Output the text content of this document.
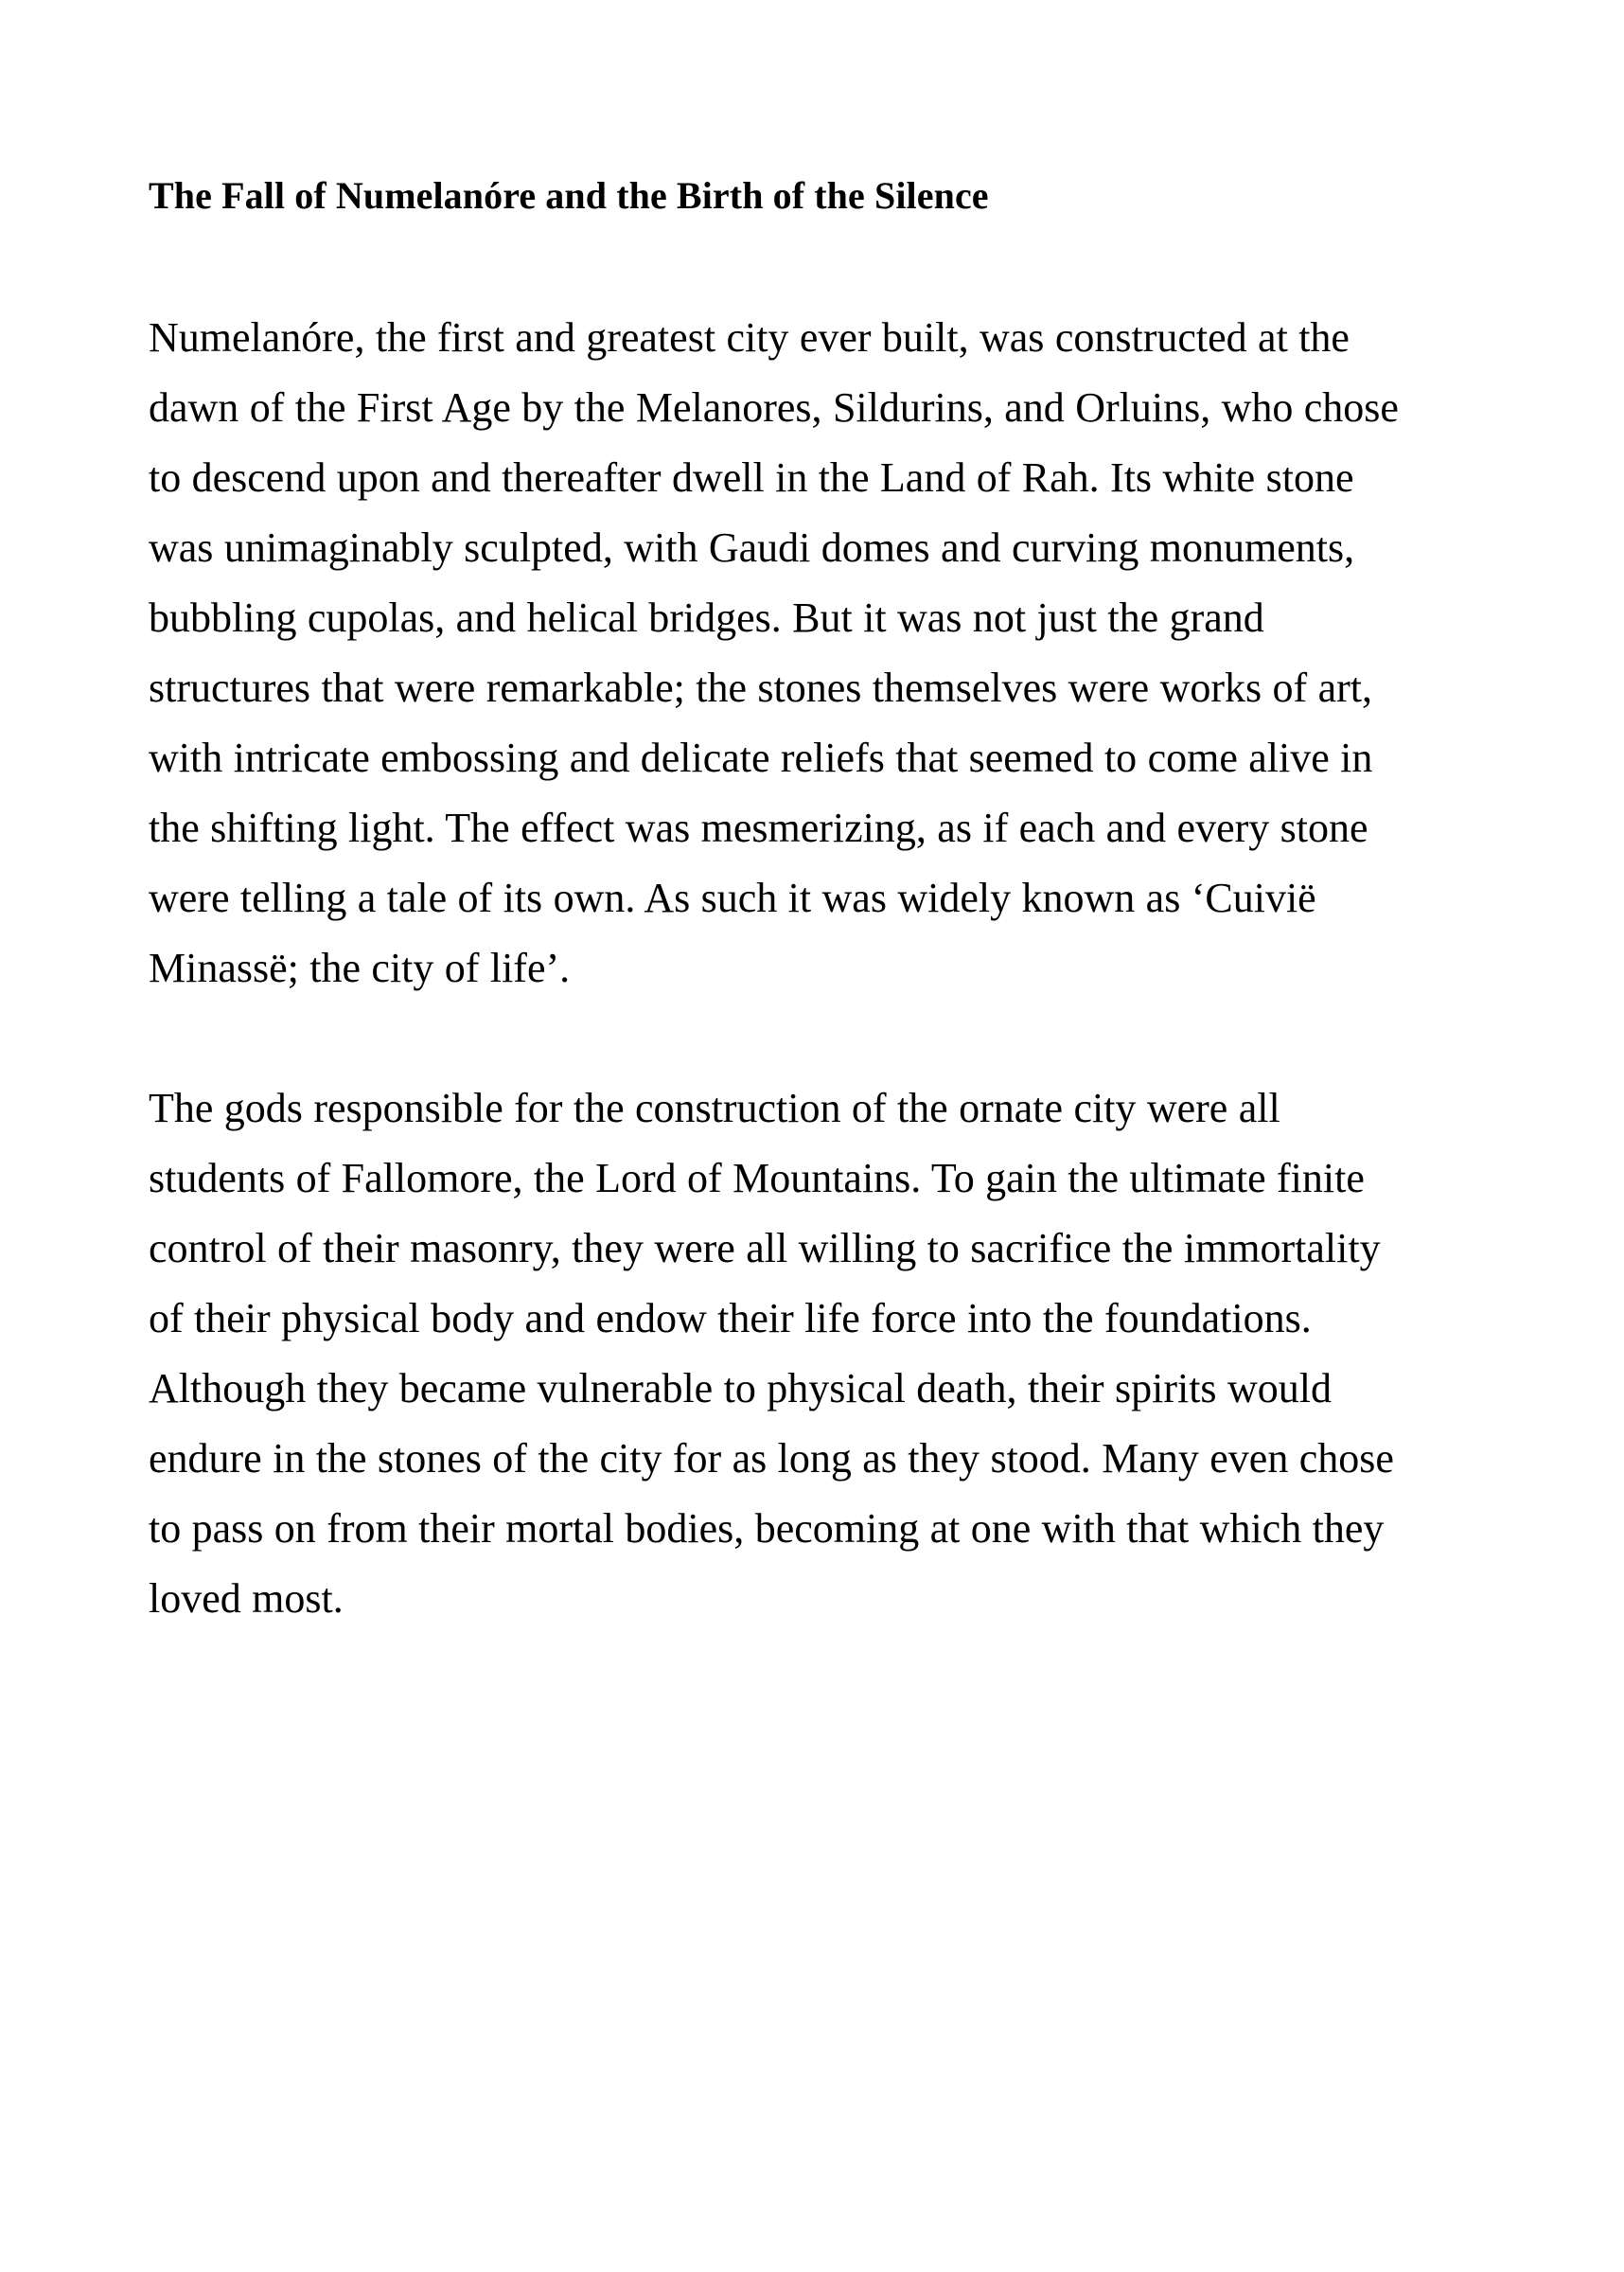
The Fall of Numelanóre and the Birth of the Silence

Numelanóre, the first and greatest city ever built, was constructed at the dawn of the First Age by the Melanores, Sildurins, and Orluins, who chose to descend upon and thereafter dwell in the Land of Rah. Its white stone was unimaginably sculpted, with Gaudi domes and curving monuments, bubbling cupolas, and helical bridges. But it was not just the grand structures that were remarkable; the stones themselves were works of art, with intricate embossing and delicate reliefs that seemed to come alive in the shifting light. The effect was mesmerizing, as if each and every stone were telling a tale of its own. As such it was widely known as ‘Cuivië Minassë; the city of life’.

The gods responsible for the construction of the ornate city were all students of Fallomore, the Lord of Mountains. To gain the ultimate finite control of their masonry, they were all willing to sacrifice the immortality of their physical body and endow their life force into the foundations. Although they became vulnerable to physical death, their spirits would endure in the stones of the city for as long as they stood. Many even chose to pass on from their mortal bodies, becoming at one with that which they loved most.
